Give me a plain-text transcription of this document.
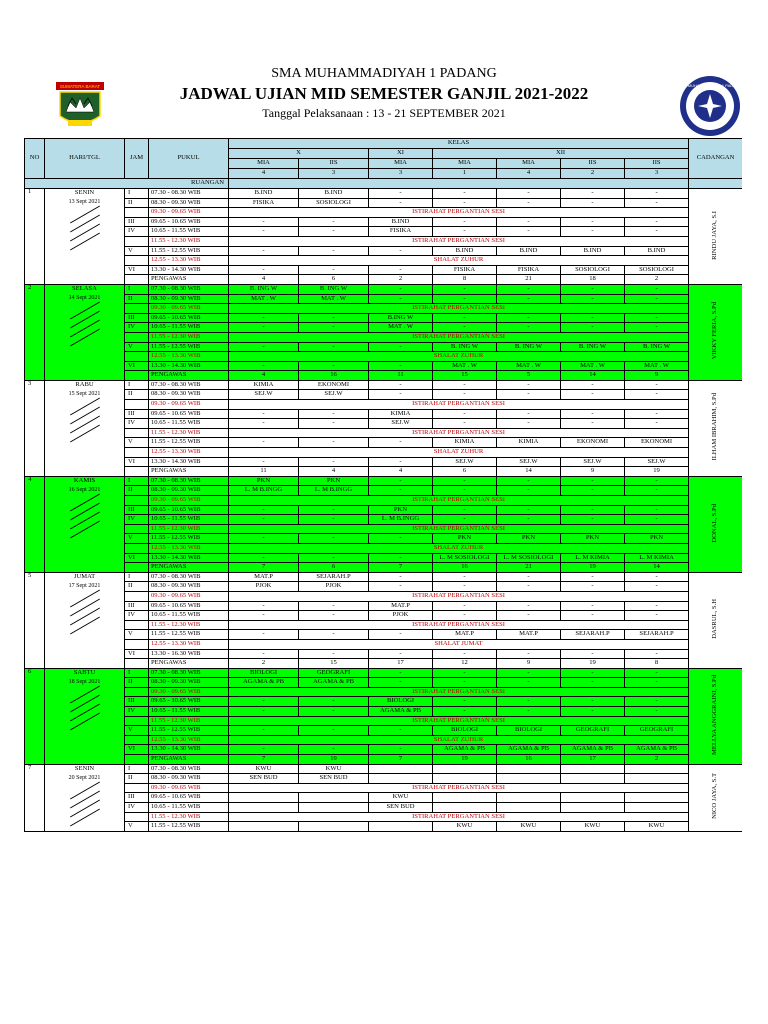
SUMATERA BARAT	SMA MUHAMMADIYAH 1 PADANG
SMA MUHAMMADIYAH 1 PADANG
JADWAL UJIAN MID SEMESTER GANJIL 2021-2022
Tanggal Pelaksanaan : 13 - 21 SEPTEMBER 2021
NO	HARI/TGL	JAM	PUKUL	KELAS							CADANGAN
				X		XI	XII				
				MIA	IIS	MIA	MIA	MIA	IIS	IIS	
				4	3	3	1	4	2	3	
RUANGAN											
1	SENIN
13 Sept 2021	I	07.30 - 08.30 WIB	B.IND	B.IND	-	-	-	-	-	RINDU JAYA, S.I
		II	08.30 - 09.30 WIB	FISIKA	SOSIOLOGI	-	-	-	-	-	
			09.30 - 09.65 WIB	ISTIRAHAT PERGANTIAN SESI							
		III	09.65 - 10.65 WIB	-	-	B.IND	-	-	-	-	
		IV	10.65 - 11.55 WIB	-	-	FISIKA	-	-	-	-	
			11.55 - 12.30 WIB	ISTIRAHAT PERGANTIAN SESI							
		V	11.55 - 12.55 WIB	-	-	-	B.IND	B.IND	B.IND	B.IND	
			12.55 - 13.30 WIB	SHALAT ZUHUR							
		VI	13.30 - 14.30 WIB	-	-	-	FISIKA	FISIKA	SOSIOLOGI	SOSIOLOGI	
			PENGAWAS	4	6	2	8	21	18	2	
2	SELASA
14 Sept 2021	I	07.30 - 08.30 WIB	B. ING W	B. ING W	-	-	-	-	-	VIKKY FERIA, S.Pd
		II	08.30 - 09.30 WIB	MAT . W	MAT . W	-	-	-	-	-	
			09.30 - 09.65 WIB	ISTIRAHAT PERGANTIAN SESI							
		III	09.65 - 10.65 WIB	-	-	B.ING W	-	-	-	-	
		IV	10.65 - 11.55 WIB	-	-	MAT . W	-	-	-	-	
			11.55 - 12.30 WIB	ISTIRAHAT PERGANTIAN SESI							
		V	11.55 - 12.55 WIB	-	-	-	B. ING W	B. ING W	B. ING W	B. ING W	
			12.55 - 13.30 WIB	SHALAT ZUHUR							
		VI	13.30 - 14.30 WIB	-	-	-	MAT . W	MAT . W	MAT . W	MAT . W	
			PENGAWAS	4	16	11	15	5	14	9	
3	RABU
15 Sept 2021	I	07.30 - 08.30 WIB	KIMIA	EKONOMI	-	-	-	-	-	ILHAM IBRAHIM, S.Pd
		II	08.30 - 09.30 WIB	SEJ.W	SEJ.W	-	-	-	-	-	
			09.30 - 09.65 WIB	ISTIRAHAT PERGANTIAN SESI							
		III	09.65 - 10.65 WIB	-	-	KIMIA	-	-	-	-	
		IV	10.65 - 11.55 WIB	-	-	SEJ.W	-	-	-	-	
			11.55 - 12.30 WIB	ISTIRAHAT PERGANTIAN SESI							
		V	11.55 - 12.55 WIB	-	-	-	KIMIA	KIMIA	EKONOMI	EKONOMI	
			12.55 - 13.30 WIB	SHALAT ZUHUR							
		VI	13.30 - 14.30 WIB	-	-	-	SEJ.W	SEJ.W	SEJ.W	SEJ.W	
			PENGAWAS	11	4	4	6	14	9	19	
4	KAMIS
16 Sept 2021	I	07.30 - 08.30 WIB	PKN	PKN	-	-	-	-	-	DONAL, S.Pd
		II	08.30 - 09.30 WIB	L. M B.INGG	L. M B.INGG	-	-	-	-	-	
			09.30 - 09.65 WIB	ISTIRAHAT PERGANTIAN SESI							
		III	09.65 - 10.65 WIB	-	-	PKN	-	-	-	-	
		IV	10.65 - 11.55 WIB	-	-	L. M B.INGG	-	-	-	-	
			11.55 - 12.30 WIB	ISTIRAHAT PERGANTIAN SESI							
		V	11.55 - 12.55 WIB	-	-	-	PKN	PKN	PKN	PKN	
			12.55 - 13.30 WIB	SHALAT ZUHUR							
		VI	13.30 - 14.30 WIB	-	-	-	L. M SOSIOLOGI	L. M SOSIOLOGI	L. M KIMIA	L. M KIMIA	
			PENGAWAS	7	6	7	16	21	19	14	
5	JUMAT
17 Sept 2021	I	07.30 - 08.30 WIB	MAT.P	SEJARAH.P	-	-	-	-	-	DASRUL, S.H
		II	08.30 - 09.30 WIB	PJOK	PJOK	-	-	-	-	-	
			09.30 - 09.65 WIB	ISTIRAHAT PERGANTIAN SESI							
		III	09.65 - 10.65 WIB	-	-	MAT.P	-	-	-	-	
		IV	10.65 - 11.55 WIB	-	-	PJOK	-	-	-	-	
			11.55 - 12.30 WIB	ISTIRAHAT PERGANTIAN SESI							
		V	11.55 - 12.55 WIB	-	-	-	MAT.P	MAT.P	SEJARAH.P	SEJARAH.P	
			12.55 - 13.30 WIB	SHALAT JUMAT							
		VI	13.30 - 16.30 WIB	-	-	-	-	-	-	-	
			PENGAWAS	2	15	17	12	9	19	8	
6	SABTU
18 Sept 2021	I	07.30 - 08.30 WIB	BIOLOGI	GEOGRAFI	-	-	-	-	-	MELLYA ANGGRAINI, S.Pd
		II	08.30 - 09.30 WIB	AGAMA & PB	AGAMA & PB	-	-	-	-	-	
			09.30 - 09.65 WIB	ISTIRAHAT PERGANTIAN SESI							
		III	09.65 - 10.65 WIB	-	-	BIOLOGI	-	-	-	-	
		IV	10.65 - 11.55 WIB	-	-	AGAMA & PB	-	-	-	-	
			11.55 - 12.30 WIB	ISTIRAHAT PERGANTIAN SESI							
		V	11.55 - 12.55 WIB	-	-	-	BIOLOGI	BIOLOGI	GEOGRAFI	GEOGRAFI	
			12.55 - 13.30 WIB	SHALAT ZUHUR							
		VI	13.30 - 14.30 WIB	-	-	-	AGAMA & PB	AGAMA & PB	AGAMA & PB	AGAMA & PB	
			PENGAWAS	7	19	7	19	16	17	2	
7	SENIN
20 Sept 2021	I	07.30 - 08.30 WIB	KWU	KWU						NICO JAYA, S.T
		II	08.30 - 09.30 WIB	SEN BUD	SEN BUD						
			09.30 - 09.65 WIB	ISTIRAHAT PERGANTIAN SESI							
		III	09.65 - 10.65 WIB			KWU					
		IV	10.65 - 11.55 WIB			SEN BUD					
			11.55 - 12.30 WIB	ISTIRAHAT PERGANTIAN SESI							
		V	11.55 - 12.55 WIB				KWU	KWU	KWU	KWU	
